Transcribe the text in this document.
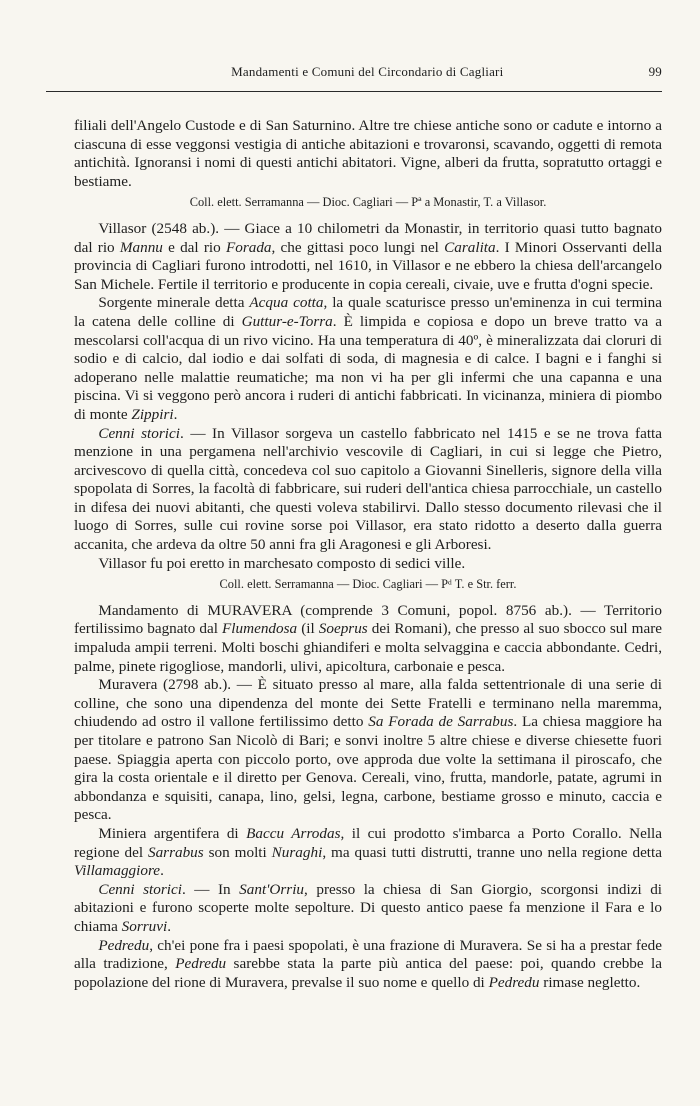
Mandamenti e Comuni del Circondario di Cagliari	99

filiali dell'Angelo Custode e di San Saturnino. Altre tre chiese antiche sono or cadute e intorno a ciascuna di esse veggonsi vestigia di antiche abitazioni e trovaronsi, scavando, oggetti di remota antichità. Ignoransi i nomi di questi antichi abitatori. Vigne, alberi da frutta, sopratutto ortaggi e bestiame.

Coll. elett. Serramanna — Dioc. Cagliari — Pª a Monastir, T. a Villasor.

Villasor (2548 ab.). — Giace a 10 chilometri da Monastir, in territorio quasi tutto bagnato dal rio Mannu e dal rio Forada, che gittasi poco lungi nel Caralita. I Minori Osservanti della provincia di Cagliari furono introdotti, nel 1610, in Villasor e ne ebbero la chiesa dell'arcangelo San Michele. Fertile il territorio e producente in copia cereali, civaie, uve e frutta d'ogni specie.

Sorgente minerale detta Acqua cotta, la quale scaturisce presso un'eminenza in cui termina la catena delle colline di Guttur-e-Torra. È limpida e copiosa e dopo un breve tratto va a mescolarsi coll'acqua di un rivo vicino. Ha una temperatura di 40º, è mineralizzata dai cloruri di sodio e di calcio, dal iodio e dai solfati di soda, di magnesia e di calce. I bagni e i fanghi si adoperano nelle malattie reumatiche; ma non vi ha per gli infermi che una capanna e una piscina. Vi si veggono però ancora i ruderi di antichi fabbricati. In vicinanza, miniera di piombo di monte Zippiri.

Cenni storici. — In Villasor sorgeva un castello fabbricato nel 1415 e se ne trova fatta menzione in una pergamena nell'archivio vescovile di Cagliari, in cui si legge che Pietro, arcivescovo di quella città, concedeva col suo capitolo a Giovanni Sinelleris, signore della villa spopolata di Sorres, la facoltà di fabbricare, sui ruderi dell'antica chiesa parrocchiale, un castello in difesa dei nuovi abitanti, che questi voleva stabilirvi. Dallo stesso documento rilevasi che il luogo di Sorres, sulle cui rovine sorse poi Villasor, era stato ridotto a deserto dalla guerra accanita, che ardeva da oltre 50 anni fra gli Aragonesi e gli Arboresi.

Villasor fu poi eretto in marchesato composto di sedici ville.

Coll. elett. Serramanna — Dioc. Cagliari — Pᵈ T. e Str. ferr.

Mandamento di MURAVERA (comprende 3 Comuni, popol. 8756 ab.). — Territorio fertilissimo bagnato dal Flumendosa (il Soeprus dei Romani), che presso al suo sbocco sul mare impaluda ampii terreni. Molti boschi ghiandiferi e molta selvaggina e caccia abbondante. Cedri, palme, pinete rigogliose, mandorli, ulivi, apicoltura, carbonaie e pesca.

Muravera (2798 ab.). — È situato presso al mare, alla falda settentrionale di una serie di colline, che sono una dipendenza del monte dei Sette Fratelli e terminano nella maremma, chiudendo ad ostro il vallone fertilissimo detto Sa Forada de Sarrabus. La chiesa maggiore ha per titolare e patrono San Nicolò di Bari; e sonvi inoltre 5 altre chiese e diverse chiesette fuori paese. Spiaggia aperta con piccolo porto, ove approda due volte la settimana il piroscafo, che gira la costa orientale e il diretto per Genova. Cereali, vino, frutta, mandorle, patate, agrumi in abbondanza e squisiti, canapa, lino, gelsi, legna, carbone, bestiame grosso e minuto, caccia e pesca.

Miniera argentifera di Baccu Arrodas, il cui prodotto s'imbarca a Porto Corallo. Nella regione del Sarrabus son molti Nuraghi, ma quasi tutti distrutti, tranne uno nella regione detta Villamaggiore.

Cenni storici. — In Sant'Orriu, presso la chiesa di San Giorgio, scorgonsi indizi di abitazioni e furono scoperte molte sepolture. Di questo antico paese fa menzione il Fara e lo chiama Sorruvi.

Pedredu, ch'ei pone fra i paesi spopolati, è una frazione di Muravera. Se si ha a prestar fede alla tradizione, Pedredu sarebbe stata la parte più antica del paese: poi, quando crebbe la popolazione del rione di Muravera, prevalse il suo nome e quello di Pedredu rimase negletto.
